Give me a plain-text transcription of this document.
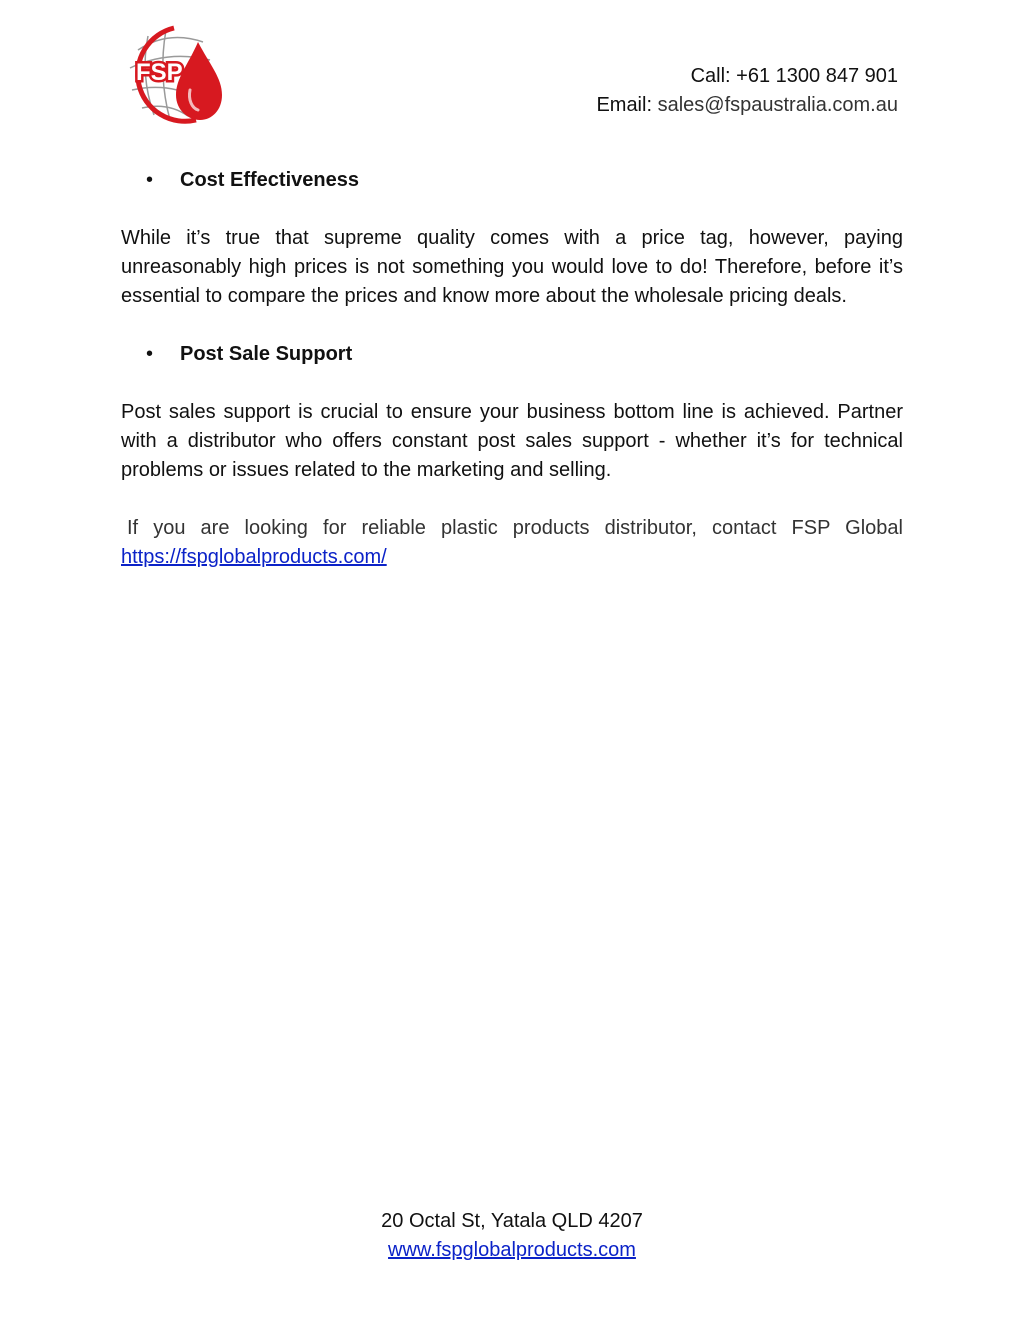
FSP	Call: +61 1300 847 901
Email: sales@fspaustralia.com.au
• Cost Effectiveness

While it’s true that supreme quality comes with a price tag, however, paying unreasonably high prices is not something you would love to do! Therefore, before it’s essential to compare the prices and know more about the wholesale pricing deals.

• Post Sale Support

Post sales support is crucial to ensure your business bottom line is achieved. Partner with a distributor who offers constant post sales support - whether it’s for technical problems or issues related to the marketing and selling.

If you are looking for reliable plastic products distributor, contact FSP Global

https://fspglobalproducts.com/
20 Octal St, Yatala QLD 4207
www.fspglobalproducts.com
